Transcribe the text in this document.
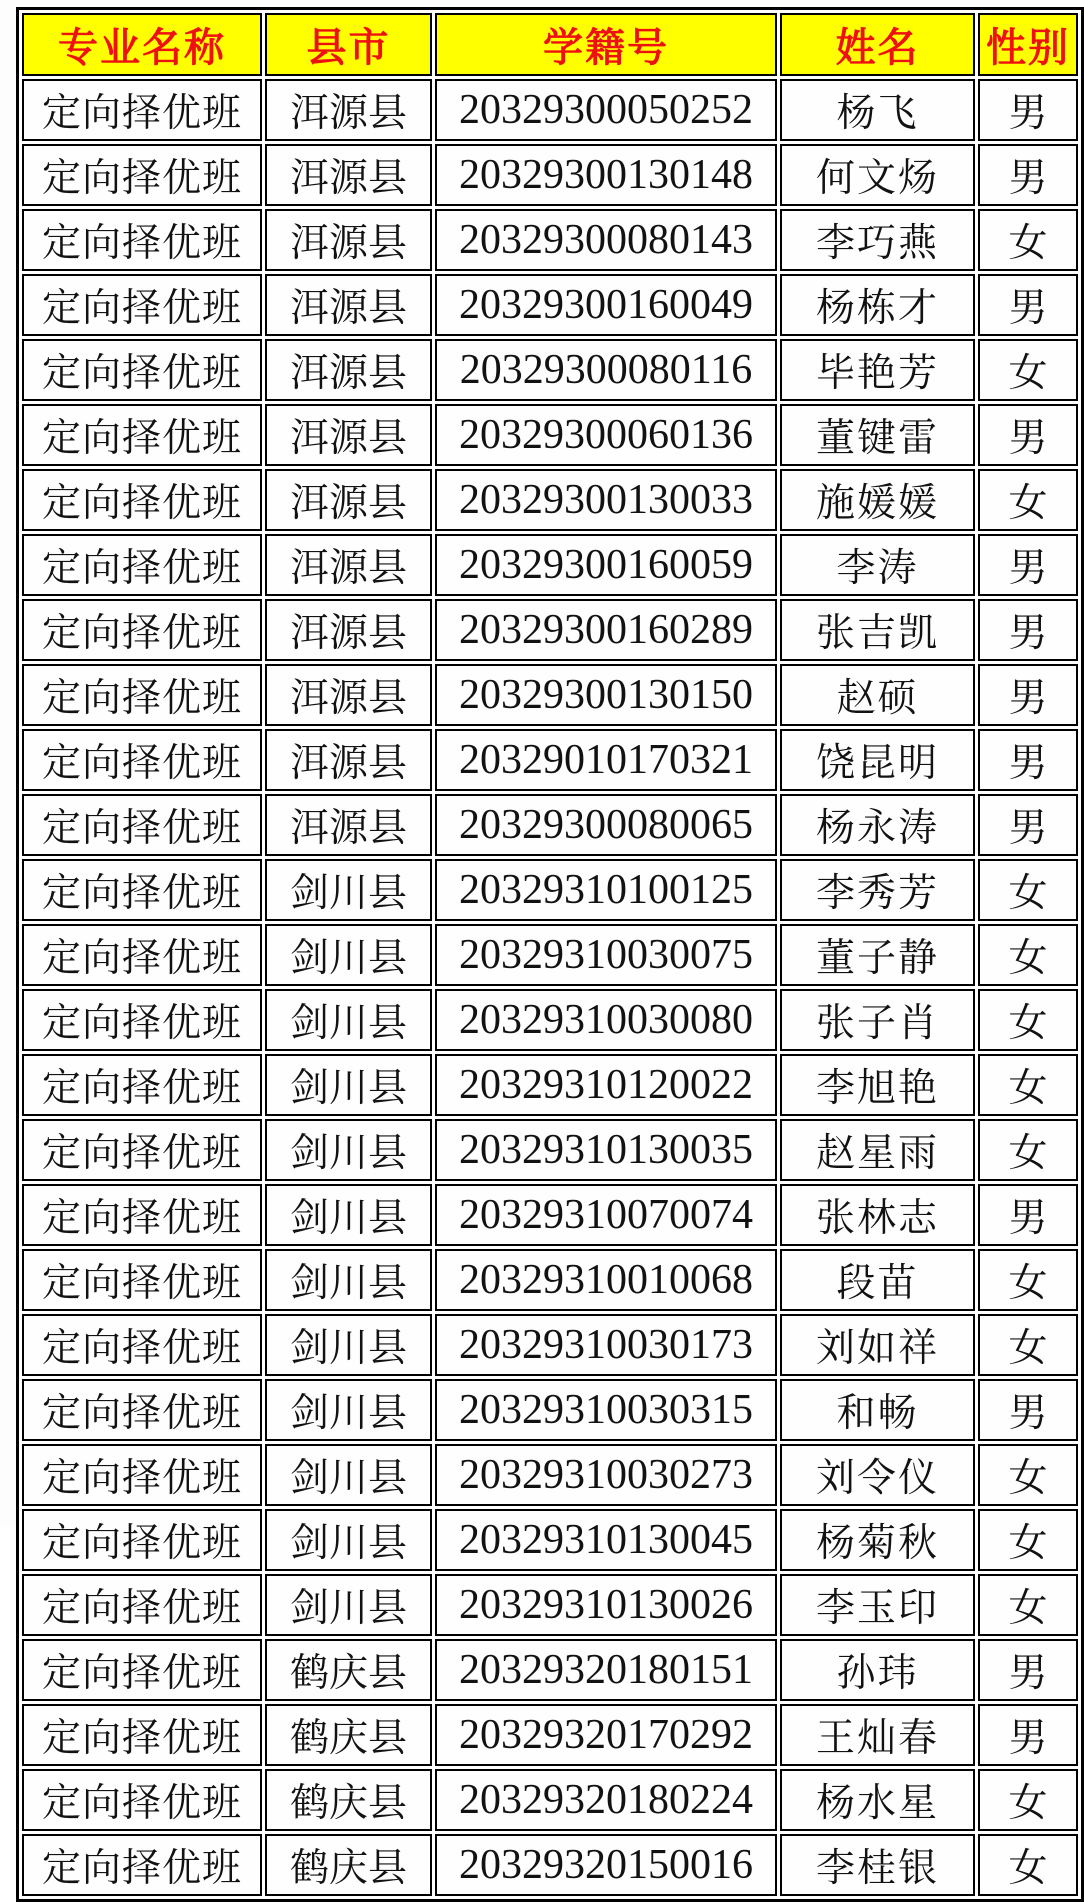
专业名称	县市	学籍号	姓名	性别
定向择优班	洱源县	20329300050252	杨飞	男
定向择优班	洱源县	20329300130148	何文炀	男
定向择优班	洱源县	20329300080143	李巧燕	女
定向择优班	洱源县	20329300160049	杨栋才	男
定向择优班	洱源县	20329300080116	毕艳芳	女
定向择优班	洱源县	20329300060136	董键雷	男
定向择优班	洱源县	20329300130033	施媛媛	女
定向择优班	洱源县	20329300160059	李涛	男
定向择优班	洱源县	20329300160289	张吉凯	男
定向择优班	洱源县	20329300130150	赵硕	男
定向择优班	洱源县	20329010170321	饶昆明	男
定向择优班	洱源县	20329300080065	杨永涛	男
定向择优班	剑川县	20329310100125	李秀芳	女
定向择优班	剑川县	20329310030075	董子静	女
定向择优班	剑川县	20329310030080	张子肖	女
定向择优班	剑川县	20329310120022	李旭艳	女
定向择优班	剑川县	20329310130035	赵星雨	女
定向择优班	剑川县	20329310070074	张林志	男
定向择优班	剑川县	20329310010068	段苗	女
定向择优班	剑川县	20329310030173	刘如祥	女
定向择优班	剑川县	20329310030315	和畅	男
定向择优班	剑川县	20329310030273	刘令仪	女
定向择优班	剑川县	20329310130045	杨菊秋	女
定向择优班	剑川县	20329310130026	李玉印	女
定向择优班	鹤庆县	20329320180151	孙玮	男
定向择优班	鹤庆县	20329320170292	王灿春	男
定向择优班	鹤庆县	20329320180224	杨水星	女
定向择优班	鹤庆县	20329320150016	李桂银	女
